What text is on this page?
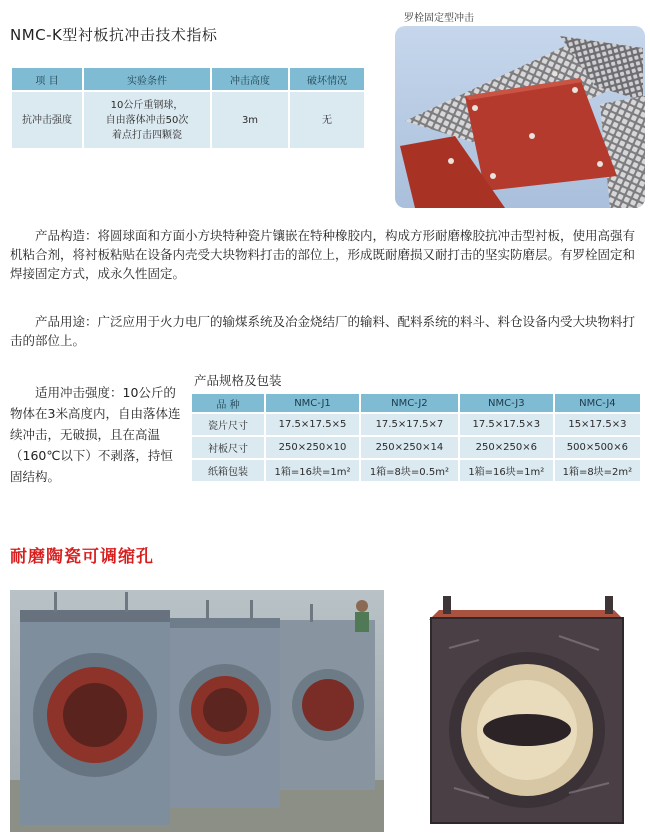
NMC-K型衬板抗冲击技术指标
项 目	实验条件	冲击高度	破坏情况
抗冲击强度	10公斤重钢球，
自由落体冲击50次
着点打击四颗瓷	3m	无
罗栓固定型冲击
产品构造：将圆球面和方面小方块特种瓷片镶嵌在特种橡胶内，构成方形耐磨橡胶抗冲击型衬板，使用高强有机粘合剂，将衬板粘贴在设备内壳受大块物料打击的部位上，形成既耐磨损又耐打击的坚实防磨层。有罗栓固定和焊接固定方式，成永久性固定。
产品用途：广泛应用于火力电厂的输煤系统及冶金烧结厂的输料、配料系统的料斗、料仓设备内受大块物料打击的部位上。
适用冲击强度：10公斤的物体在3米高度内，自由落体连续冲击，无破损，且在高温（160℃以下）不剥落，持恒固结构。
产品规格及包装
品 种	NMC-J1	NMC-J2	NMC-J3	NMC-J4
瓷片尺寸	17.5×17.5×5	17.5×17.5×7	17.5×17.5×3	15×17.5×3
衬板尺寸	250×250×10	250×250×14	250×250×6	500×500×6
纸箱包装	1箱=16块=1m²	1箱=8块=0.5m²	1箱=16块=1m²	1箱=8块=2m²
耐磨陶瓷可调缩孔
